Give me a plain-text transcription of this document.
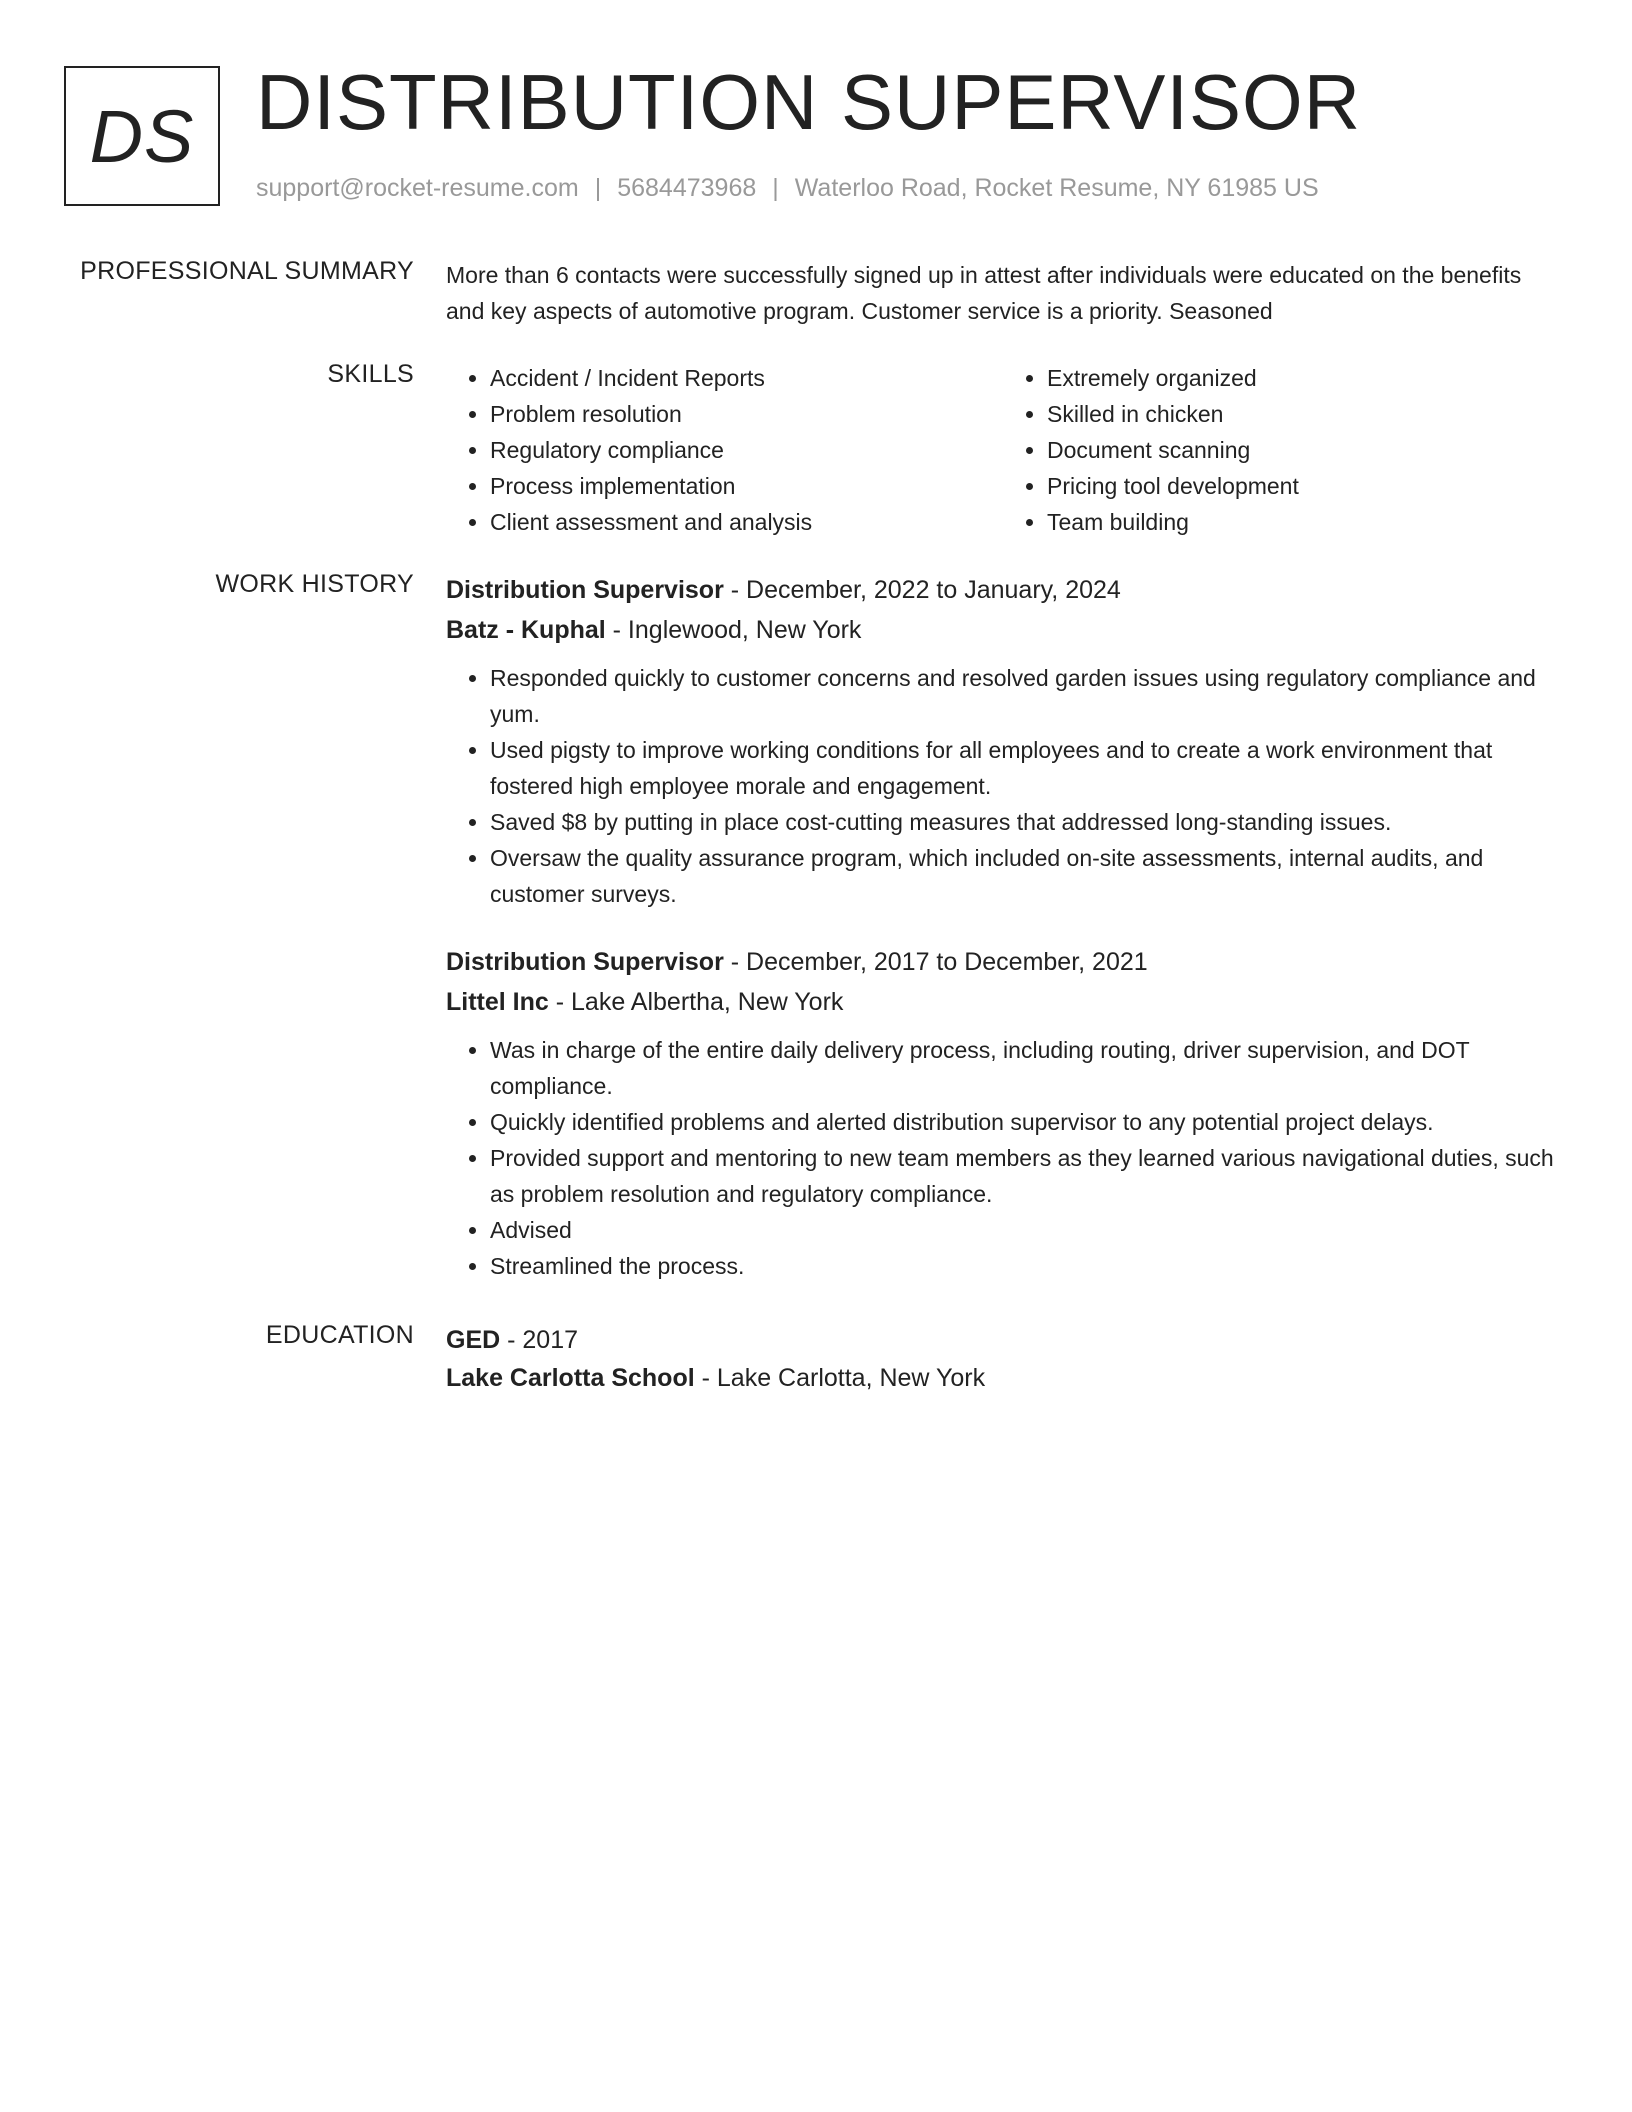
DS DISTRIBUTION SUPERVISOR
support@rocket-resume.com | 5684473968 | Waterloo Road, Rocket Resume, NY 61985 US
PROFESSIONAL SUMMARY More than 6 contacts were successfully signed up in attest after individuals were educated on the benefits and key aspects of automotive program. Customer service is a priority. Seasoned

SKILLS
•	Accident / Incident Reports
• Problem resolution
• Regulatory compliance
• Process implementation
• Client assessment and analysis
• Extremely organized
• Skilled in chicken
• Document scanning
• Pricing tool development
• Team building
WORK HISTORY Distribution Supervisor - December, 2022 to January, 2024
Batz - Kuphal - Inglewood, New York
• Responded quickly to customer concerns and resolved garden issues using regulatory compliance and yum.
• Used pigsty to improve working conditions for all employees and to create a work environment that fostered high employee morale and engagement.
• Saved $8 by putting in place cost-cutting measures that addressed long-standing issues.
• Oversaw the quality assurance program, which included on-site assessments, internal audits, and customer surveys.
Distribution Supervisor - December, 2017 to December, 2021
Littel Inc - Lake Albertha, New York
• Was in charge of the entire daily delivery process, including routing, driver supervision, and DOT compliance.
• Quickly identified problems and alerted distribution supervisor to any potential project delays.
• Provided support and mentoring to new team members as they learned various navigational duties, such as problem resolution and regulatory compliance.
• Advised
• Streamlined the process.
EDUCATION GED - 2017
Lake Carlotta School - Lake Carlotta, New York
